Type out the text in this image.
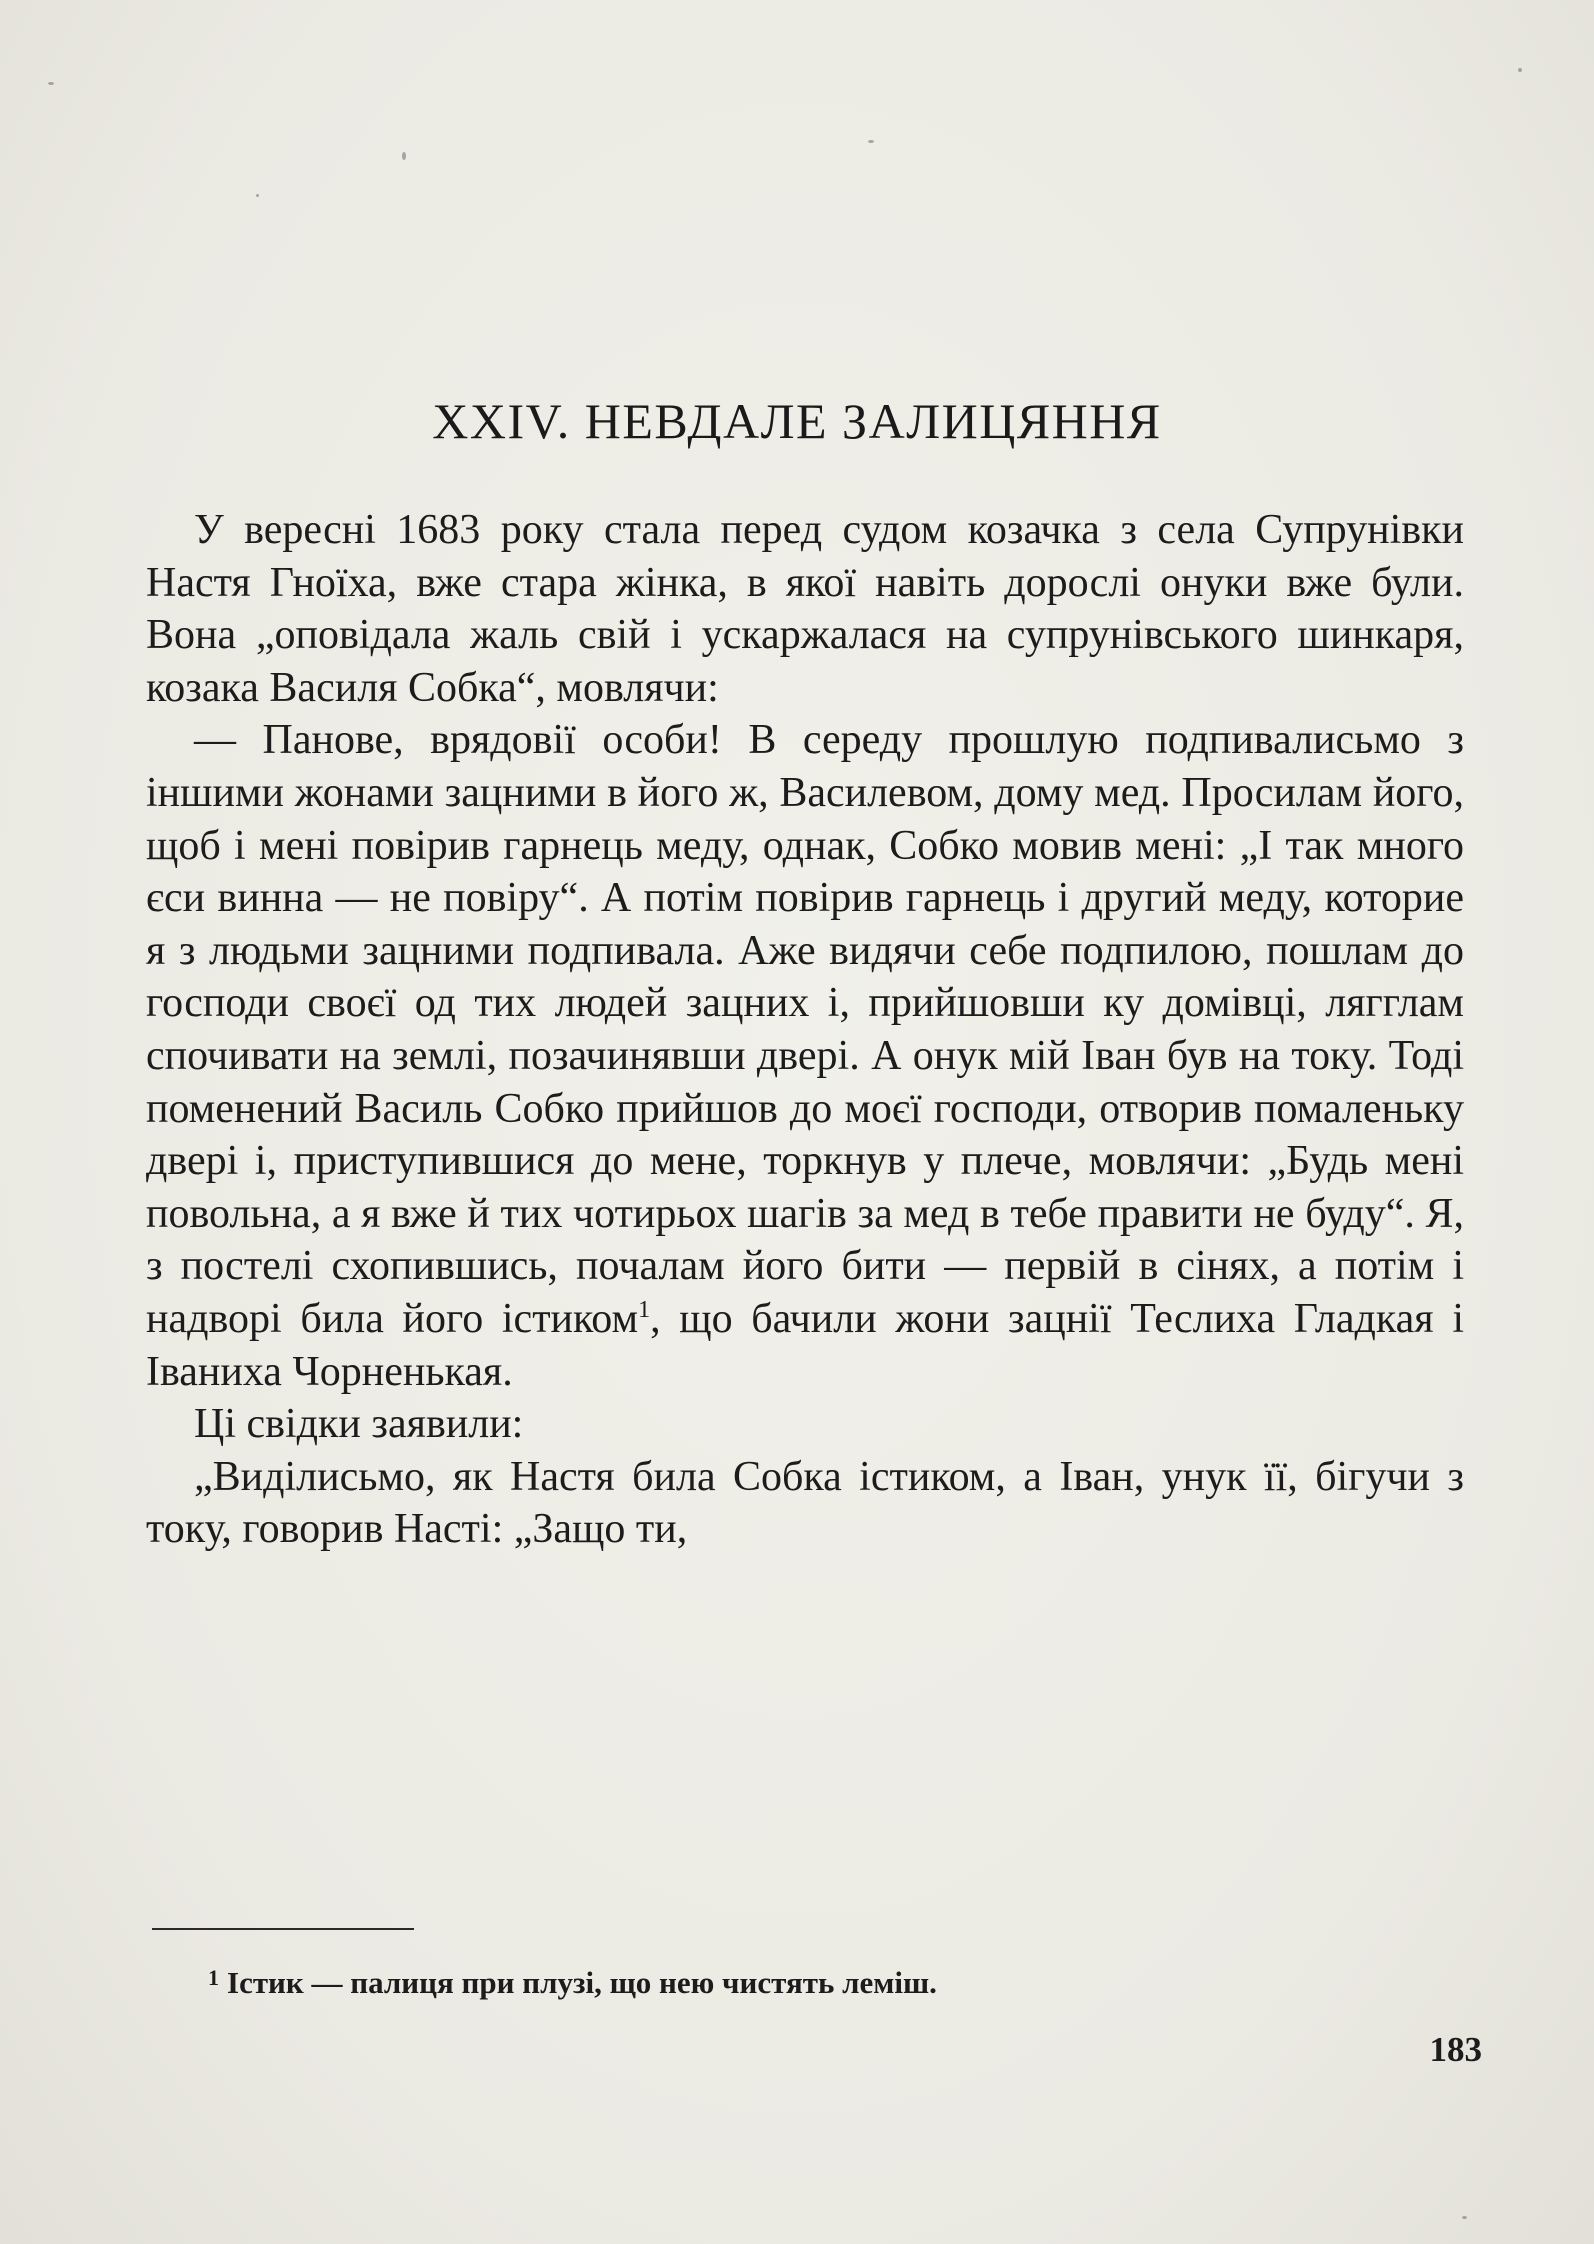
XXIV. НЕВДАЛЕ ЗАЛИЦЯННЯ

У вересні 1683 року стала перед судом козачка з села Супрунівки Настя Гноїха, вже стара жінка, в якої навіть дорослі онуки вже були. Вона „оповідала жаль свій і ускаржалася на супрунівського шинкаря, козака Василя Собка“, мовлячи:

— Панове, врядовії особи! В середу прошлую подпивалисьмо з іншими жонами зацними в його ж, Василевом, дому мед. Просилам його, щоб і мені повірив гарнець меду, однак, Собко мовив мені: „І так много єси винна — не повіру“. А потім повірив гарнець і другий меду, которие я з людьми зацними подпивала. Аже видячи себе подпилою, пошлам до господи своєї од тих людей зацних і, прийшовши ку домівці, лягглам спочивати на землі, позачинявши двері. А онук мій Іван був на току. Тоді поменений Василь Собко прийшов до моєї господи, отворив помаленьку двері і, приступившися до мене, торкнув у плече, мовлячи: „Будь мені повольна, а я вже й тих чотирьох шагів за мед в тебе правити не буду“. Я, з постелі схопившись, почалам його бити — первій в сінях, а потім і надворі била його істиком$^1$, що бачили жони зацнії Теслиха Гладкая і Іваниха Чорненькая.

Ці свідки заявили:

„Виділисьмо, як Настя била Собка істиком, а Іван, унук її, бігучи з току, говорив Насті: „Защо ти,

$^1$ Істик — палиця при плузі, що нею чистять леміш.

183
